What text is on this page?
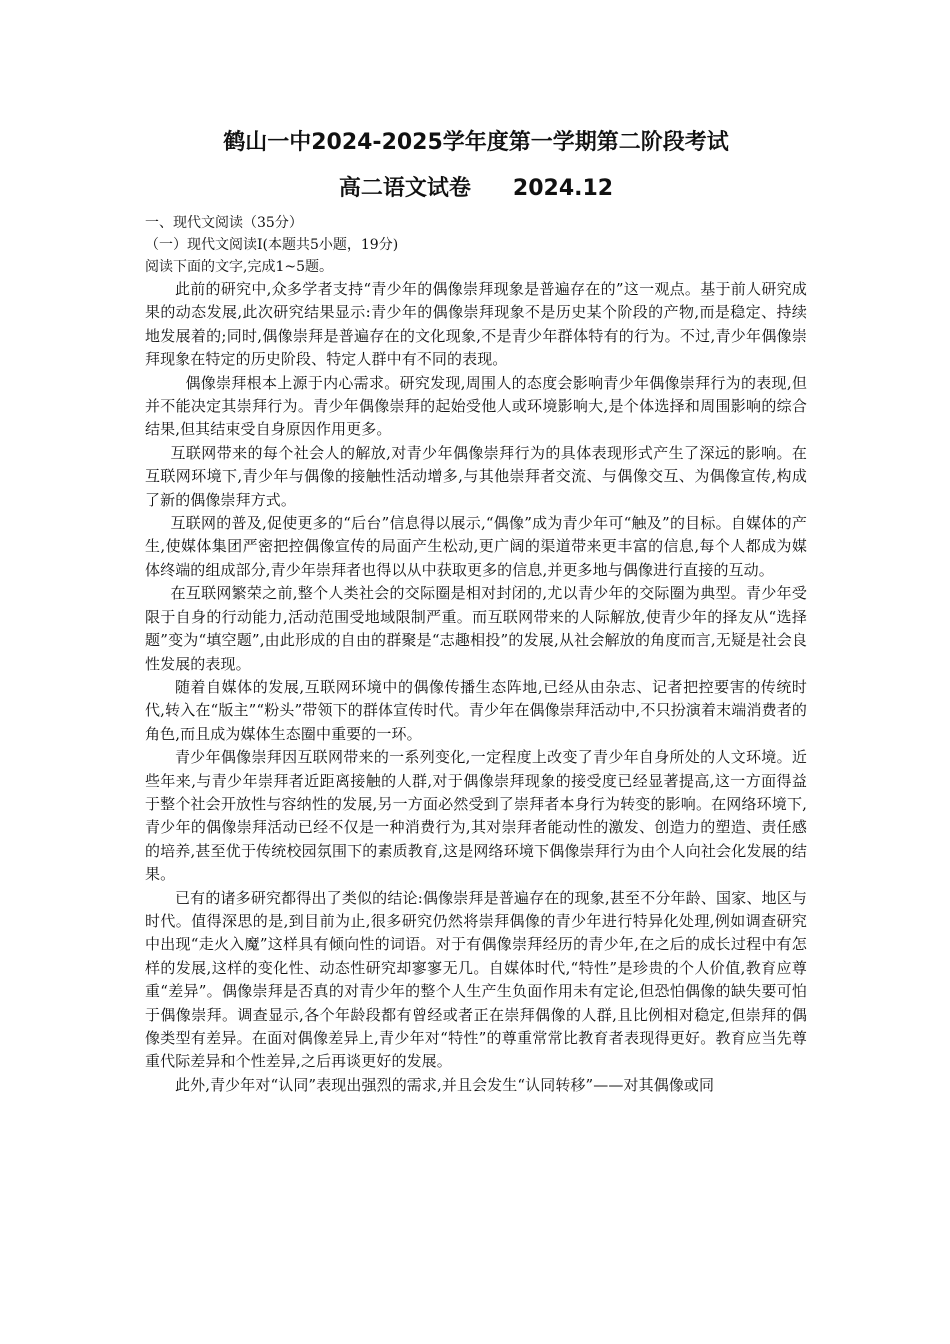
鹤山一中2024-2025学年度第一学期第二阶段考试
高二语文试卷 2024.12

一、现代文阅读（35分）

（一）现代文阅读Ⅰ(本题共5小题，19分)

阅读下面的文字,完成1~5题。

此前的研究中,众多学者支持“青少年的偶像崇拜现象是普遍存在的”这一观点。基于前人研究成果的动态发展,此次研究结果显示:青少年的偶像崇拜现象不是历史某个阶段的产物,而是稳定、持续地发展着的;同时,偶像崇拜是普遍存在的文化现象,不是青少年群体特有的行为。不过,青少年偶像崇拜现象在特定的历史阶段、特定人群中有不同的表现。

偶像崇拜根本上源于内心需求。研究发现,周围人的态度会影响青少年偶像崇拜行为的表现,但并不能决定其崇拜行为。青少年偶像崇拜的起始受他人或环境影响大,是个体选择和周围影响的综合结果,但其结束受自身原因作用更多。

互联网带来的每个社会人的解放,对青少年偶像崇拜行为的具体表现形式产生了深远的影响。在互联网环境下,青少年与偶像的接触性活动增多,与其他崇拜者交流、与偶像交互、为偶像宣传,构成了新的偶像崇拜方式。

互联网的普及,促使更多的“后台”信息得以展示,“偶像”成为青少年可“触及”的目标。自媒体的产生,使媒体集团严密把控偶像宣传的局面产生松动,更广阔的渠道带来更丰富的信息,每个人都成为媒体终端的组成部分,青少年崇拜者也得以从中获取更多的信息,并更多地与偶像进行直接的互动。

在互联网繁荣之前,整个人类社会的交际圈是相对封闭的,尤以青少年的交际圈为典型。青少年受限于自身的行动能力,活动范围受地域限制严重。而互联网带来的人际解放,使青少年的择友从“选择题”变为“填空题”,由此形成的自由的群聚是“志趣相投”的发展,从社会解放的角度而言,无疑是社会良性发展的表现。

随着自媒体的发展,互联网环境中的偶像传播生态阵地,已经从由杂志、记者把控要害的传统时代,转入在“版主”“粉头”带领下的群体宣传时代。青少年在偶像崇拜活动中,不只扮演着末端消费者的角色,而且成为媒体生态圈中重要的一环。

青少年偶像崇拜因互联网带来的一系列变化,一定程度上改变了青少年自身所处的人文环境。近些年来,与青少年崇拜者近距离接触的人群,对于偶像崇拜现象的接受度已经显著提高,这一方面得益于整个社会开放性与容纳性的发展,另一方面必然受到了崇拜者本身行为转变的影响。在网络环境下,青少年的偶像崇拜活动已经不仅是一种消费行为,其对崇拜者能动性的激发、创造力的塑造、责任感的培养,甚至优于传统校园氛围下的素质教育,这是网络环境下偶像崇拜行为由个人向社会化发展的结果。

已有的诸多研究都得出了类似的结论:偶像崇拜是普遍存在的现象,甚至不分年龄、国家、地区与时代。值得深思的是,到目前为止,很多研究仍然将崇拜偶像的青少年进行特异化处理,例如调查研究中出现“走火入魔”这样具有倾向性的词语。对于有偶像崇拜经历的青少年,在之后的成长过程中有怎样的发展,这样的变化性、动态性研究却寥寥无几。自媒体时代,“特性”是珍贵的个人价值,教育应尊重“差异”。偶像崇拜是否真的对青少年的整个人生产生负面作用未有定论,但恐怕偶像的缺失要可怕于偶像崇拜。调查显示,各个年龄段都有曾经或者正在崇拜偶像的人群,且比例相对稳定,但崇拜的偶像类型有差异。在面对偶像差异上,青少年对“特性”的尊重常常比教育者表现得更好。教育应当先尊重代际差异和个性差异,之后再谈更好的发展。

此外,青少年对“认同”表现出强烈的需求,并且会发生“认同转移”——对其偶像或同
